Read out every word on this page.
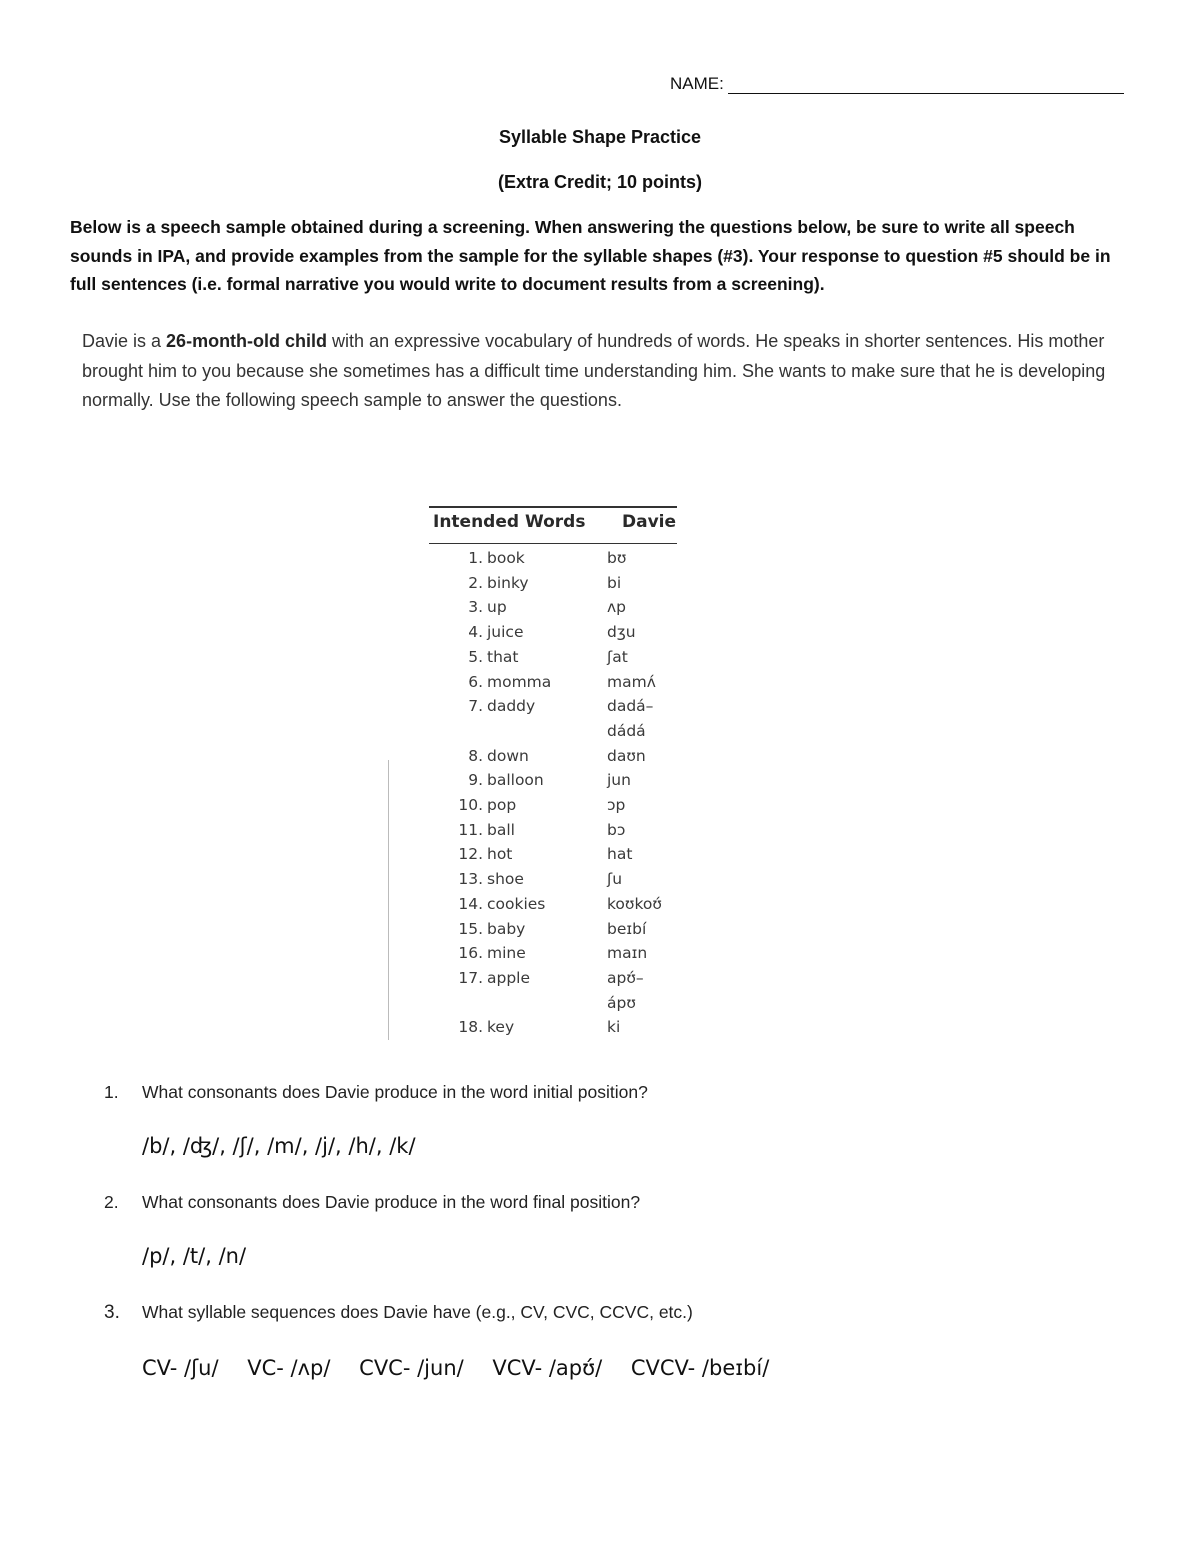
NAME:
Syllable Shape Practice
(Extra Credit; 10 points)
Below is a speech sample obtained during a screening. When answering the questions below, be sure to write all speech sounds in IPA, and provide examples from the sample for the syllable shapes (#3). Your response to question #5 should be in full sentences (i.e. formal narrative you would write to document results from a screening).
Davie is a 26-month-old child with an expressive vocabulary of hundreds of words. He speaks in shorter sentences. His mother brought him to you because she sometimes has a difficult time understanding him. She wants to make sure that he is developing normally. Use the following speech sample to answer the questions.
Intended Words Davie
1. book	bʊ
2. binky	bi
3. up	ʌp
4. juice	dʒu
5. that	ʃat
6. momma	mamʌ́
7. daddy	dadá–
dádá
8. down	daʊn
9. balloon	jun
10. pop	ɔp
11. ball	bɔ
12. hot	hat
13. shoe	ʃu
14. cookies	koʊkoʊ́
15. baby	beɪbí
16. mine	maɪn
17. apple	apʊ́–
ápʊ
18. key	ki
1.	What consonants does Davie produce in the word initial position?
/b/, /ʤ/, /ʃ/, /m/, /j/, /h/, /k/
2.	What consonants does Davie produce in the word final position?
/p/, /t/, /n/
3.	What syllable sequences does Davie have (e.g., CV, CVC, CCVC, etc.)
CV- /ʃu/ VC- /ʌp/ CVC- /jun/ VCV- /apʊ́/ CVCV- /beɪbí/
